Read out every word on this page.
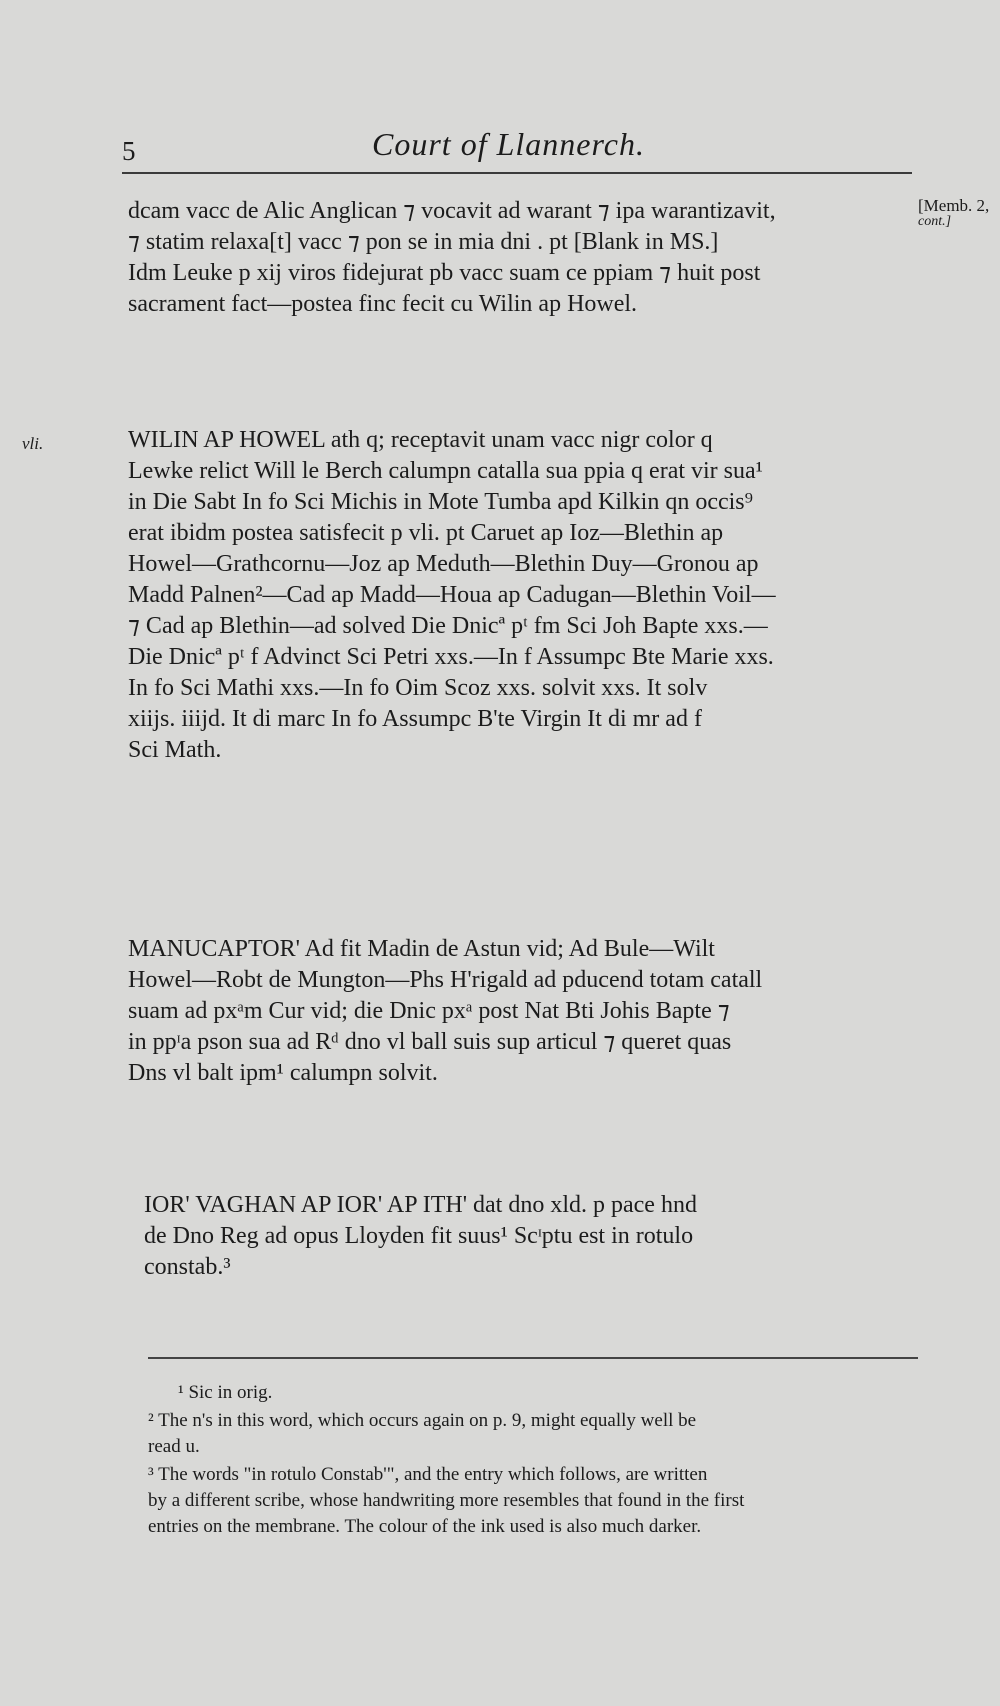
5	Court of Llannerch.
[Memb. 2,
cont.]
vli.
dcam vacc de Alic Anglican ⁊ vocavit ad warant ⁊ ipa warantizavit,
⁊ statim relaxa[t] vacc ⁊ pon se in mia dni . pt [Blank in MS.]
Idm Leuke p xij viros fidejurat pb vacc suam ce ppiam ⁊ huit post
sacrament fact—postea finc fecit cu Wilin ap Howel.
WILIN AP HOWEL ath q; receptavit unam vacc nigr color q
Lewke relict Will le Berch calumpn catalla sua ppia q erat vir sua¹
in Die Sabt In fo Sci Michis in Mote Tumba apd Kilkin qn occis⁹
erat ibidm postea satisfecit p vli. pt Caruet ap Ioz—Blethin ap
Howel—Grathcornu—Joz ap Meduth—Blethin Duy—Gronou ap
Madd Palnen²—Cad ap Madd—Houa ap Cadugan—Blethin Voil—
⁊ Cad ap Blethin—ad solved Die Dnicª pᵗ fm Sci Joh Bapte xxs.—
Die Dnicª pᵗ f Advinct Sci Petri xxs.—In f Assumpc Bte Marie xxs.
In fo Sci Mathi xxs.—In fo Oim Scoz xxs. solvit xxs. It solv
xiijs. iiijd. It di marc In fo Assumpc B'te Virgin It di mr ad f
Sci Math.
MANUCAPTOR' Ad fit Madin de Astun vid; Ad Bule—Wilt
Howel—Robt de Mungton—Phs H'rigald ad pducend totam catall
suam ad pxᵃm Cur vid; die Dnic pxᵃ post Nat Bti Johis Bapte ⁊
in ppᶦa pson sua ad Rᵈ dno vl ball suis sup articul ⁊ queret quas
Dns vl balt ipm¹ calumpn solvit.
IOR' VAGHAN AP IOR' AP ITH' dat dno xld. p pace hnd
de Dno Reg ad opus Lloyden fit suus¹ Scᶦptu est in rotulo
constab.³
¹ Sic in orig.
² The n's in this word, which occurs again on p. 9, might equally well be
read u.
³ The words "in rotulo Constab'", and the entry which follows, are written
by a different scribe, whose handwriting more resembles that found in the first
entries on the membrane. The colour of the ink used is also much darker.
